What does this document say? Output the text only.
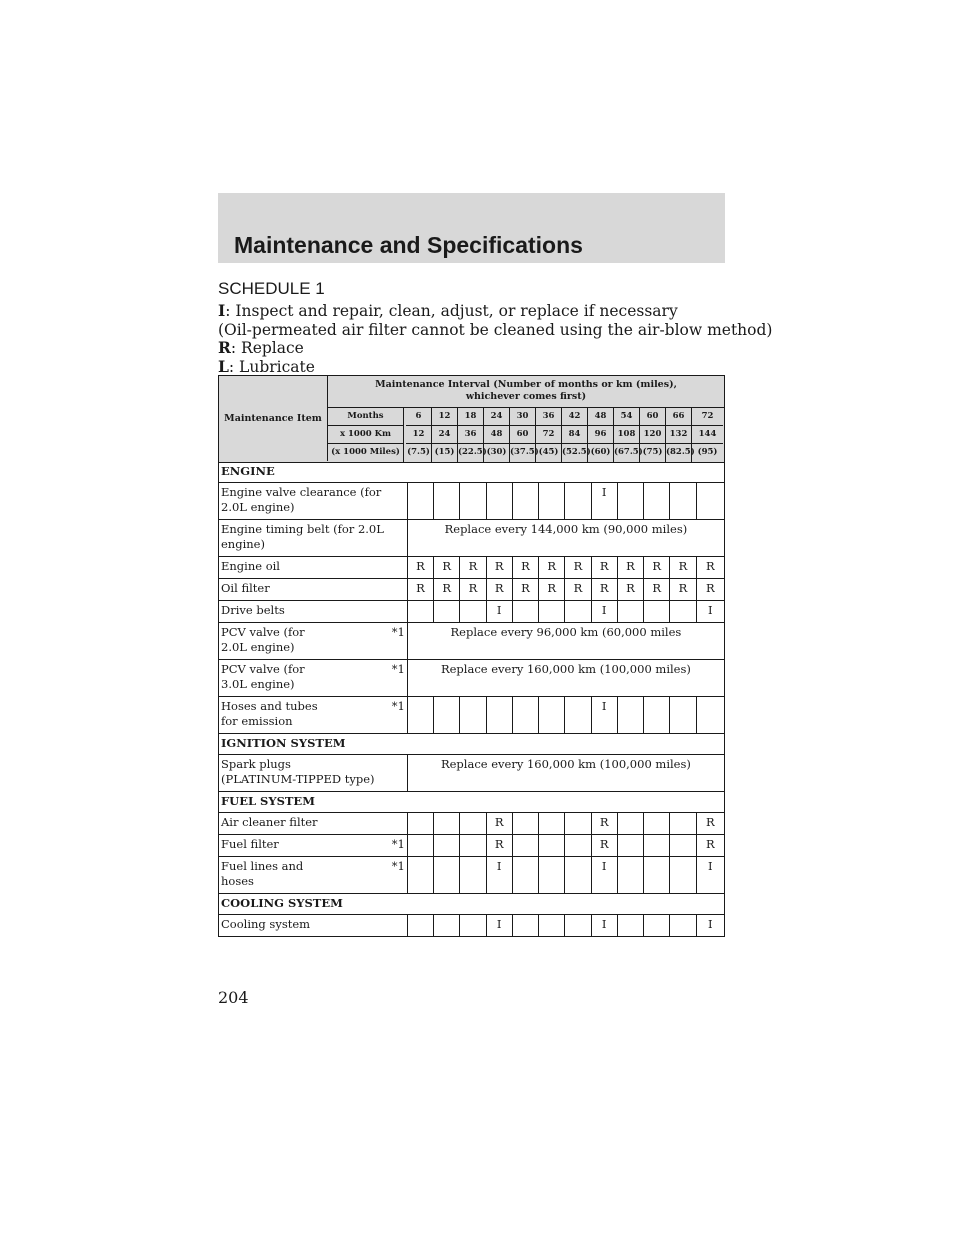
Maintenance and Specifications
SCHEDULE 1
I: Inspect and repair, clean, adjust, or replace if necessary
(Oil-permeated air filter cannot be cleaned using the air-blow method)
R: Replace
L: Lubricate
ENGINE												

Engine valve clearance (for
2.0L engine)								I				

Engine timing belt (for 2.0L
engine)	Replace every 144,000 km (90,000 miles)											

Engine oil	R	R	R	R	R	R	R	R	R	R	R	R

Oil filter	R	R	R	R	R	R	R	R	R	R	R	R

Drive belts				I				I				I

PCV valve (for *1
2.0L engine)	Replace every 96,000 km (60,000 miles											

PCV valve (for *1
3.0L engine)	Replace every 160,000 km (100,000 miles)											

Hoses and tubes *1
for emission								I				
IGNITION SYSTEM												

Spark plugs
(PLATINUM-TIPPED type)	Replace every 160,000 km (100,000 miles)											
FUEL SYSTEM												

Air cleaner filter				R				R				R

Fuel filter *1				R				R				R

Fuel lines and *1
hoses				I				I				I
COOLING SYSTEM												

Cooling system				I				I				I
204
Maintenance Item
Maintenance Interval (Number of months or km (miles),
whichever comes first)
Months	6	12	18	24	30	36	42	48	54	60	66	72
x 1000 Km	12	24	36	48	60	72	84	96	108 120 132	144
(x 1000 Miles) (7.5) (15) (22.5) (30) (37.5) (45) (52.5) (60) (67.5) (75) (82.5) (95)
